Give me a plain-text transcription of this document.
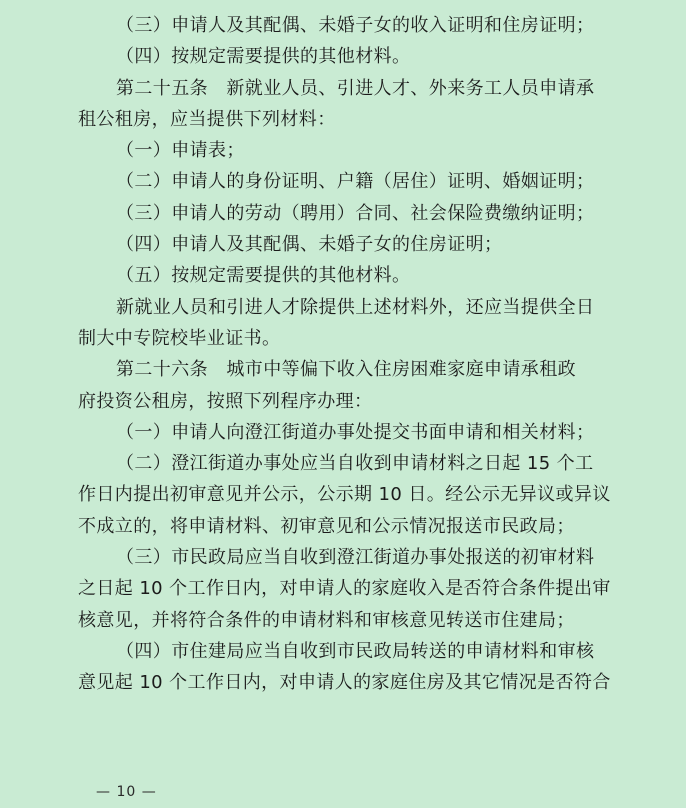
（三）申请人及其配偶、未婚子女的收入证明和住房证明；
（四）按规定需要提供的其他材料。
第二十五条　新就业人员、引进人才、外来务工人员申请承
租公租房，应当提供下列材料：
（一）申请表；
（二）申请人的身份证明、户籍（居住）证明、婚姻证明；
（三）申请人的劳动（聘用）合同、社会保险费缴纳证明；
（四）申请人及其配偶、未婚子女的住房证明；
（五）按规定需要提供的其他材料。
新就业人员和引进人才除提供上述材料外，还应当提供全日
制大中专院校毕业证书。
第二十六条　城市中等偏下收入住房困难家庭申请承租政
府投资公租房，按照下列程序办理：
（一）申请人向澄江街道办事处提交书面申请和相关材料；
（二）澄江街道办事处应当自收到申请材料之日起 15 个工
作日内提出初审意见并公示，公示期 10 日。经公示无异议或异议
不成立的，将申请材料、初审意见和公示情况报送市民政局；
（三）市民政局应当自收到澄江街道办事处报送的初审材料
之日起 10 个工作日内，对申请人的家庭收入是否符合条件提出审
核意见，并将符合条件的申请材料和审核意见转送市住建局；
（四）市住建局应当自收到市民政局转送的申请材料和审核
意见起 10 个工作日内，对申请人的家庭住房及其它情况是否符合
— 10 —
